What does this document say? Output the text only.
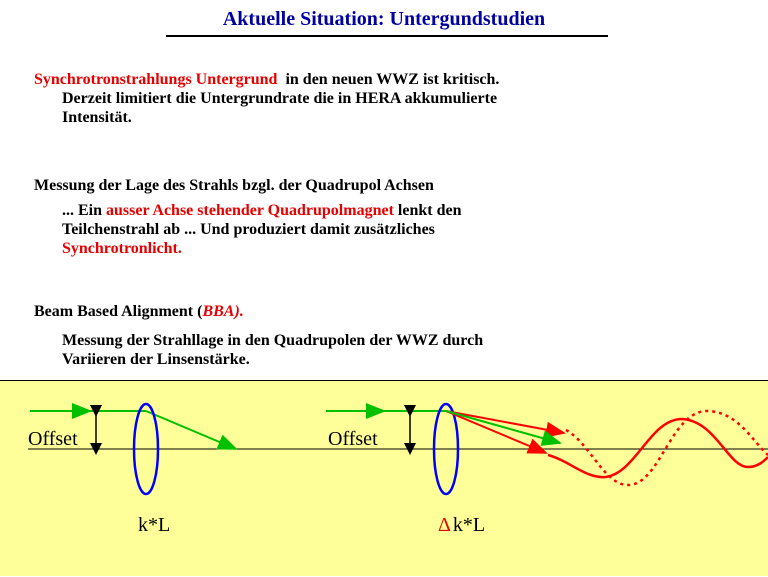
Aktuelle Situation: Untergundstudien
Synchrotronstrahlungs Untergrund in den neuen WWZ ist kritisch.
Derzeit limitiert die Untergrundrate die in HERA akkumulierte
Intensität.
Messung der Lage des Strahls bzgl. der Quadrupol Achsen
... Ein ausser Achse stehender Quadrupolmagnet lenkt den
Teilchenstrahl ab ... Und produziert damit zusätzliches
Synchrotronlicht.
Beam Based Alignment (BBA).
Messung der Strahllage in den Quadrupolen der WWZ durch
Variieren der Linsenstärke.
Offset
k*L
Offset
Δ k*L
